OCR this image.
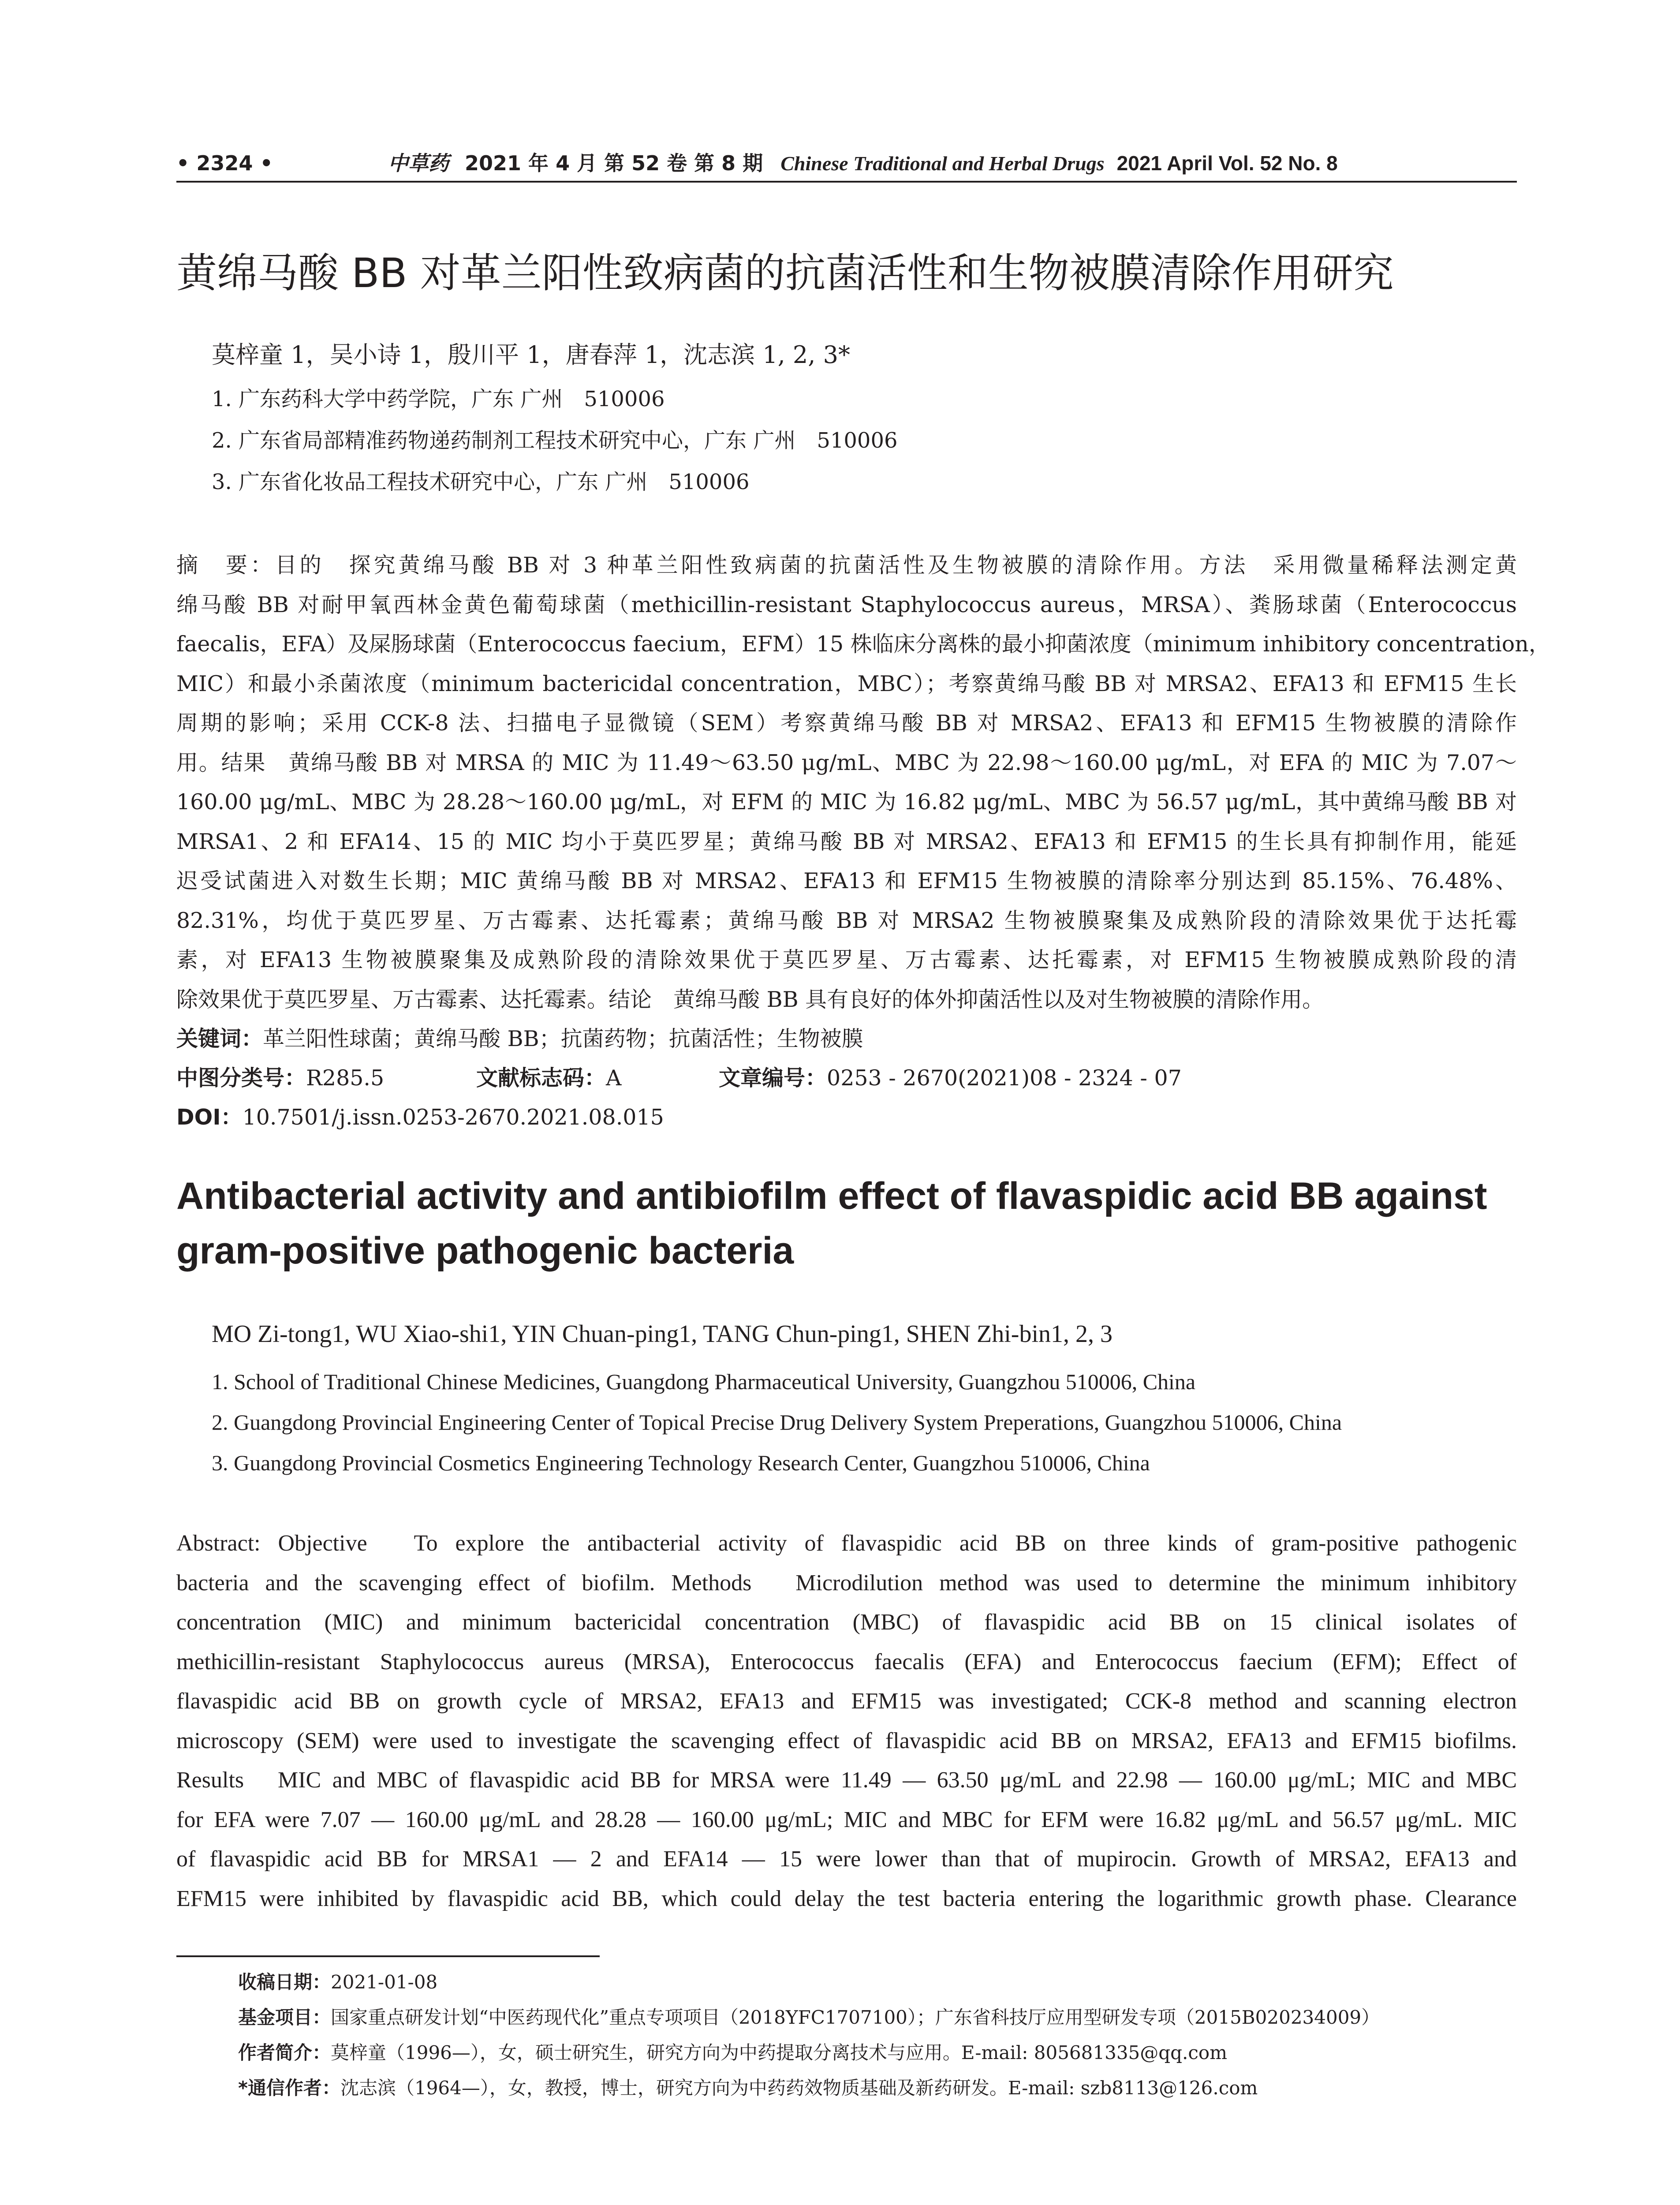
• 2324 •	中草药 2021 年 4 月 第 52 卷 第 8 期 Chinese Traditional and Herbal Drugs 2021 April Vol. 52 No. 8
黄绵马酸 BB 对革兰阳性致病菌的抗菌活性和生物被膜清除作用研究
莫梓童 1，吴小诗 1，殷川平 1，唐春萍 1，沈志滨 1, 2, 3*
1. 广东药科大学中药学院，广东 广州　510006
2. 广东省局部精准药物递药制剂工程技术研究中心，广东 广州　510006
3. 广东省化妆品工程技术研究中心，广东 广州　510006
摘　要：目的　探究黄绵马酸 BB 对 3 种革兰阳性致病菌的抗菌活性及生物被膜的清除作用。方法　采用微量稀释法测定黄
绵马酸 BB 对耐甲氧西林金黄色葡萄球菌（methicillin-resistant Staphylococcus aureus，MRSA）、粪肠球菌（Enterococcus
faecalis，EFA）及屎肠球菌（Enterococcus faecium，EFM）15 株临床分离株的最小抑菌浓度（minimum inhibitory concentration，
MIC）和最小杀菌浓度（minimum bactericidal concentration，MBC）；考察黄绵马酸 BB 对 MRSA2、EFA13 和 EFM15 生长
周期的影响；采用 CCK-8 法、扫描电子显微镜（SEM）考察黄绵马酸 BB 对 MRSA2、EFA13 和 EFM15 生物被膜的清除作
用。结果　黄绵马酸 BB 对 MRSA 的 MIC 为 11.49～63.50 μg/mL、MBC 为 22.98～160.00 μg/mL，对 EFA 的 MIC 为 7.07～
160.00 μg/mL、MBC 为 28.28～160.00 μg/mL，对 EFM 的 MIC 为 16.82 μg/mL、MBC 为 56.57 μg/mL，其中黄绵马酸 BB 对
MRSA1、2 和 EFA14、15 的 MIC 均小于莫匹罗星；黄绵马酸 BB 对 MRSA2、EFA13 和 EFM15 的生长具有抑制作用，能延
迟受试菌进入对数生长期；MIC 黄绵马酸 BB 对 MRSA2、EFA13 和 EFM15 生物被膜的清除率分别达到 85.15%、76.48%、
82.31%，均优于莫匹罗星、万古霉素、达托霉素；黄绵马酸 BB 对 MRSA2 生物被膜聚集及成熟阶段的清除效果优于达托霉
素，对 EFA13 生物被膜聚集及成熟阶段的清除效果优于莫匹罗星、万古霉素、达托霉素，对 EFM15 生物被膜成熟阶段的清
除效果优于莫匹罗星、万古霉素、达托霉素。结论　黄绵马酸 BB 具有良好的体外抑菌活性以及对生物被膜的清除作用。
关键词：革兰阳性球菌；黄绵马酸 BB；抗菌药物；抗菌活性；生物被膜
中图分类号：R285.5	文献标志码：A	文章编号：0253 - 2670(2021)08 - 2324 - 07
DOI：10.7501/j.issn.0253-2670.2021.08.015
Antibacterial activity and antibiofilm effect of flavaspidic acid BB against gram-positive pathogenic bacteria
MO Zi-tong1, WU Xiao-shi1, YIN Chuan-ping1, TANG Chun-ping1, SHEN Zhi-bin1, 2, 3
1. School of Traditional Chinese Medicines, Guangdong Pharmaceutical University, Guangzhou 510006, China
2. Guangdong Provincial Engineering Center of Topical Precise Drug Delivery System Preperations, Guangzhou 510006, China
3. Guangdong Provincial Cosmetics Engineering Technology Research Center, Guangzhou 510006, China
Abstract: Objective　To explore the antibacterial activity of flavaspidic acid BB on three kinds of gram-positive pathogenic
bacteria and the scavenging effect of biofilm. Methods　Microdilution method was used to determine the minimum inhibitory
concentration (MIC) and minimum bactericidal concentration (MBC) of flavaspidic acid BB on 15 clinical isolates of
methicillin-resistant Staphylococcus aureus (MRSA), Enterococcus faecalis (EFA) and Enterococcus faecium (EFM); Effect of
flavaspidic acid BB on growth cycle of MRSA2, EFA13 and EFM15 was investigated; CCK-8 method and scanning electron
microscopy (SEM) were used to investigate the scavenging effect of flavaspidic acid BB on MRSA2, EFA13 and EFM15 biofilms.
Results　MIC and MBC of flavaspidic acid BB for MRSA were 11.49 — 63.50 μg/mL and 22.98 — 160.00 μg/mL; MIC and MBC
for EFA were 7.07 — 160.00 μg/mL and 28.28 — 160.00 μg/mL; MIC and MBC for EFM were 16.82 μg/mL and 56.57 μg/mL. MIC
of flavaspidic acid BB for MRSA1 — 2 and EFA14 — 15 were lower than that of mupirocin. Growth of MRSA2, EFA13 and
EFM15 were inhibited by flavaspidic acid BB, which could delay the test bacteria entering the logarithmic growth phase. Clearance
收稿日期：2021-01-08
基金项目：国家重点研发计划“中医药现代化”重点专项项目（2018YFC1707100）；广东省科技厅应用型研发专项（2015B020234009）
作者简介：莫梓童（1996—），女，硕士研究生，研究方向为中药提取分离技术与应用。E-mail: 805681335@qq.com
*通信作者：沈志滨（1964—），女，教授，博士，研究方向为中药药效物质基础及新药研发。E-mail: szb8113@126.com
